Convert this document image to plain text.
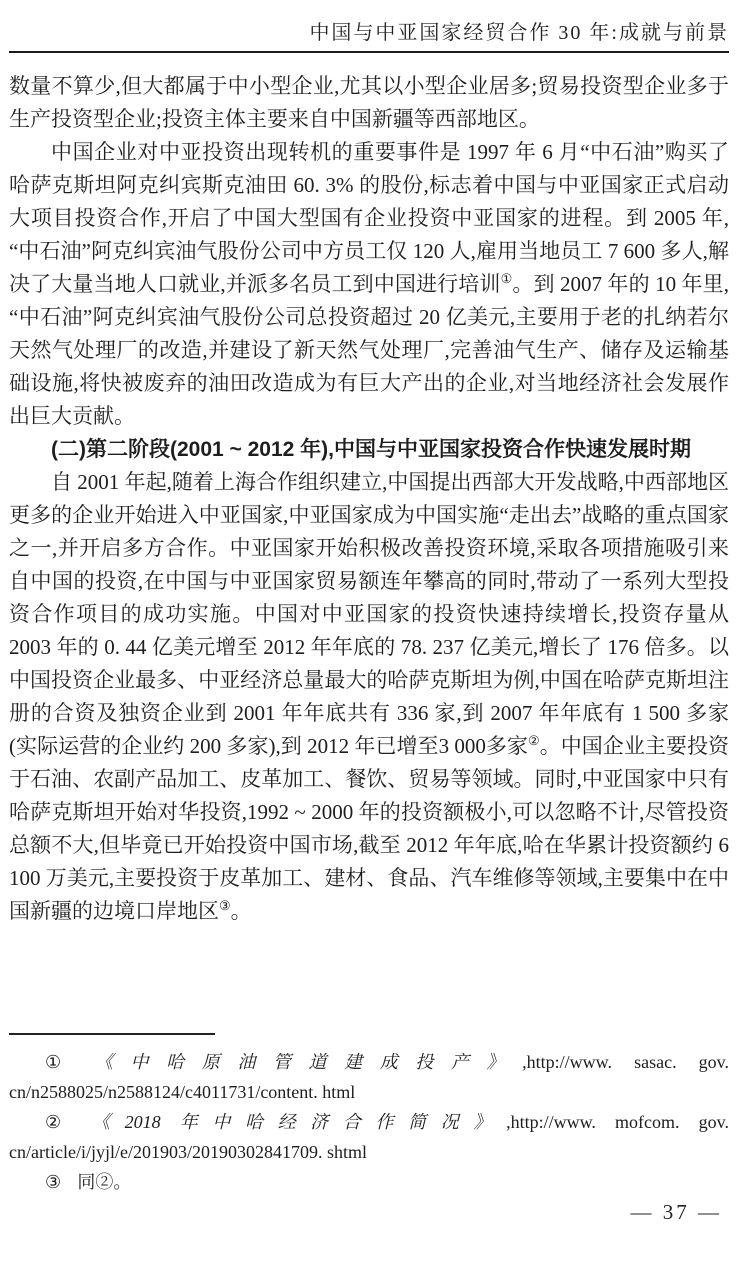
中国与中亚国家经贸合作 30 年:成就与前景

数量不算少,但大都属于中小型企业,尤其以小型企业居多;贸易投资型企业多于生产投资型企业;投资主体主要来自中国新疆等西部地区。

中国企业对中亚投资出现转机的重要事件是 1997 年 6 月“中石油”购买了哈萨克斯坦阿克纠宾斯克油田 60. 3% 的股份,标志着中国与中亚国家正式启动大项目投资合作,开启了中国大型国有企业投资中亚国家的进程。到 2005 年,“中石油”阿克纠宾油气股份公司中方员工仅 120 人,雇用当地员工 7 600 多人,解决了大量当地人口就业,并派多名员工到中国进行培训①。到 2007 年的 10 年里,“中石油”阿克纠宾油气股份公司总投资超过 20 亿美元,主要用于老的扎纳若尔天然气处理厂的改造,并建设了新天然气处理厂,完善油气生产、储存及运输基础设施,将快被废弃的油田改造成为有巨大产出的企业,对当地经济社会发展作出巨大贡献。

(二)第二阶段(2001 ~ 2012 年),中国与中亚国家投资合作快速发展时期

自 2001 年起,随着上海合作组织建立,中国提出西部大开发战略,中西部地区更多的企业开始进入中亚国家,中亚国家成为中国实施“走出去”战略的重点国家之一,并开启多方合作。中亚国家开始积极改善投资环境,采取各项措施吸引来自中国的投资,在中国与中亚国家贸易额连年攀高的同时,带动了一系列大型投资合作项目的成功实施。中国对中亚国家的投资快速持续增长,投资存量从 2003 年的 0. 44 亿美元增至 2012 年年底的 78. 237 亿美元,增长了 176 倍多。以中国投资企业最多、中亚经济总量最大的哈萨克斯坦为例,中国在哈萨克斯坦注册的合资及独资企业到 2001 年年底共有 336 家,到 2007 年年底有 1 500 多家(实际运营的企业约 200 多家),到 2012 年已增至3 000多家②。中国企业主要投资于石油、农副产品加工、皮革加工、餐饮、贸易等领域。同时,中亚国家中只有哈萨克斯坦开始对华投资,1992 ~ 2000 年的投资额极小,可以忽略不计,尽管投资总额不大,但毕竟已开始投资中国市场,截至 2012 年年底,哈在华累计投资额约 6 100 万美元,主要投资于皮革加工、建材、食品、汽车维修等领域,主要集中在中国新疆的边境口岸地区③。

① 《中哈原油管道建成投产》,http://www. sasac. gov. cn/n2588025/n2588124/c4011731/content. html

② 《2018 年中哈经济合作简况》,http://www. mofcom. gov. cn/article/i/jyjl/e/201903/20190302841709. shtml

③ 同②。

— 37 —
